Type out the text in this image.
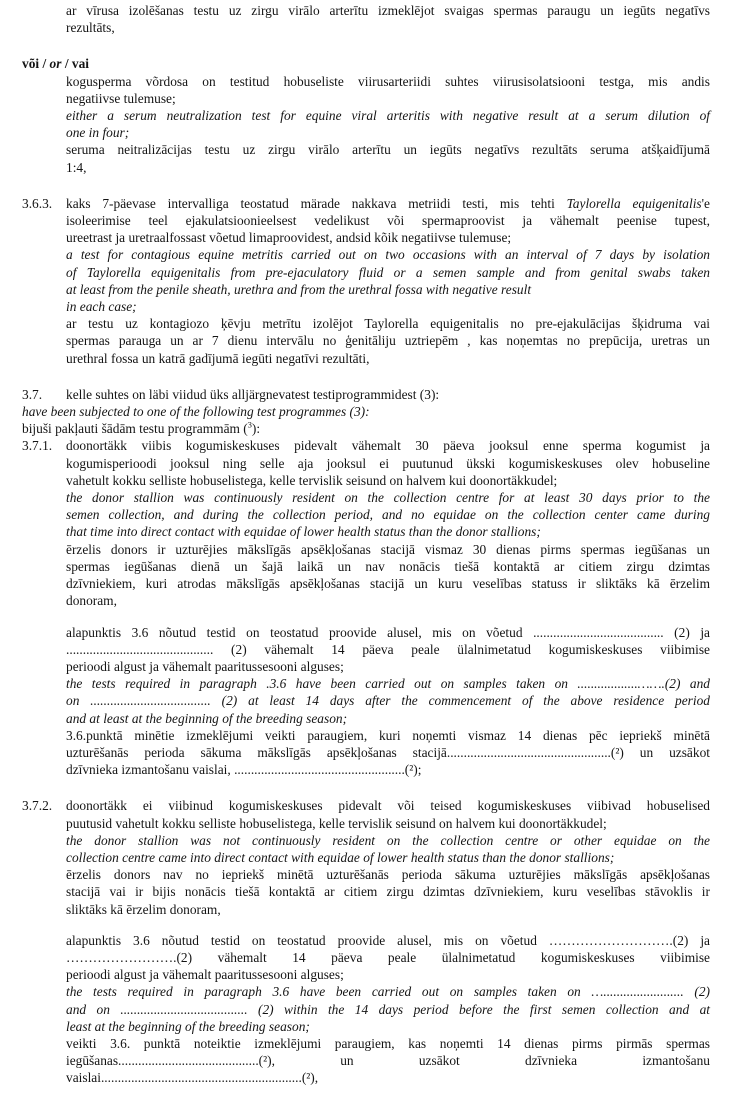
ar vīrusa izolēšanas testu uz zirgu virālo arterītu izmeklējot svaigas spermas paraugu un iegūts negatīvs
rezultāts,
või / or / vai
kogusperma võrdosa on testitud hobuseliste viirusarteriidi suhtes viirusisolatsiooni testga, mis andis
negatiivse tulemuse;
either a serum neutralization test for equine viral arteritis with negative result at a serum dilution of
one in four;
seruma neitralizācijas testu uz zirgu virālo arterītu un iegūts negatīvs rezultāts seruma atšķaidījumā
1:4,
3.6.3.	kaks 7-päevase intervalliga teostatud märade nakkava metriidi testi, mis tehti Taylorella equigenitalis'e
isoleerimise teel ejakulatsioonieelsest vedelikust või spermaproovist ja vähemalt peenise tupest,
ureetrast ja uretraalfossast võetud limaproovidest, andsid kõik negatiivse tulemuse;
a test for contagious equine metritis carried out on two occasions with an interval of 7 days by isolation
of Taylorella equigenitalis from pre-ejaculatory fluid or a semen sample and from genital swabs taken
at least from the penile sheath, urethra and from the urethral fossa with negative result
in each case;
ar testu uz kontagiozo ķēvju metrītu izolējot Taylorella equigenitalis no pre-ejakulācijas šķidruma vai
spermas parauga un ar 7 dienu intervālu no ģenitāliju uztriepēm , kas noņemtas no prepūcija, uretras un
urethral fossa un katrā gadījumā iegūti negatīvi rezultāti,
3.7.	kelle suhtes on läbi viidud üks alljärgnevatest testiprogrammidest (3):
have been subjected to one of the following test programmes (3):
bijuši pakļauti šādām testu programmām ($^3$):
3.7.1.	doonortäkk viibis kogumiskeskuses pidevalt vähemalt 30 päeva jooksul enne sperma kogumist ja
kogumisperioodi jooksul ning selle aja jooksul ei puutunud ükski kogumiskeskuses olev hobuseline
vahetult kokku selliste hobuselistega, kelle tervislik seisund on halvem kui doonortäkkudel;
the donor stallion was continuously resident on the collection centre for at least 30 days prior to the
semen collection, and during the collection period, and no equidae on the collection center came during
that time into direct contact with equidae of lower health status than the donor stallions;
ērzelis donors ir uzturējies mākslīgās apsēkļošanas stacijā vismaz 30 dienas pirms spermas iegūšanas un
spermas iegūšanas dienā un šajā laikā un nav nonācis tiešā kontaktā ar citiem zirgu dzimtas
dzīvniekiem, kuri atrodas mākslīgās apsēkļošanas stacijā un kuru veselības statuss ir sliktāks kā ērzelim
donoram,
alapunktis 3.6 nõutud testid on teostatud proovide alusel, mis on võetud ....................................... (2) ja
............................................ (2) vähemalt 14 päeva peale ülalnimetatud kogumiskeskuses viibimise
perioodi algust ja vähemalt paaritussesooni alguses;
the tests required in paragraph .3.6 have been carried out on samples taken on ..................…….(2) and
on .................................... (2) at least 14 days after the commencement of the above residence period
and at least at the beginning of the breeding season;
3.6.punktā minētie izmeklējumi veikti paraugiem, kuri noņemti vismaz 14 dienas pēc iepriekš minētā
uzturēšanās perioda sākuma mākslīgās apsēkļošanas stacijā.................................................(²) un uzsākot
dzīvnieka izmantošanu vaislai, ...................................................(²);
3.7.2.	doonortäkk ei viibinud kogumiskeskuses pidevalt või teised kogumiskeskuses viibivad hobuselised
puutusid vahetult kokku selliste hobuselistega, kelle tervislik seisund on halvem kui doonortäkkudel;
the donor stallion was not continuously resident on the collection centre or other equidae on the
collection centre came into direct contact with equidae of lower health status than the donor stallions;
ērzelis donors nav no iepriekš minētā uzturēšanās perioda sākuma uzturējies mākslīgās apsēkļošanas
stacijā vai ir bijis nonācis tiešā kontaktā ar citiem zirgu dzimtas dzīvniekiem, kuru veselības stāvoklis ir
sliktāks kā ērzelim donoram,
alapunktis 3.6 nõutud testid on teostatud proovide alusel, mis on võetud ……………………….(2) ja
…………………….(2) vähemalt 14 päeva peale ülalnimetatud kogumiskeskuses viibimise
perioodi algust ja vähemalt paaritussesooni alguses;
the tests required in paragraph 3.6 have been carried out on samples taken on …........................ (2)
and on ...................................... (2) within the 14 days period before the first semen collection and at
least at the beginning of the breeding season;
veikti 3.6. punktā noteiktie izmeklējumi paraugiem, kas noņemti 14 dienas pirms pirmās spermas
iegūšanas..........................................(²), un uzsākot dzīvnieka izmantošanu
vaislai............................................................(²),
